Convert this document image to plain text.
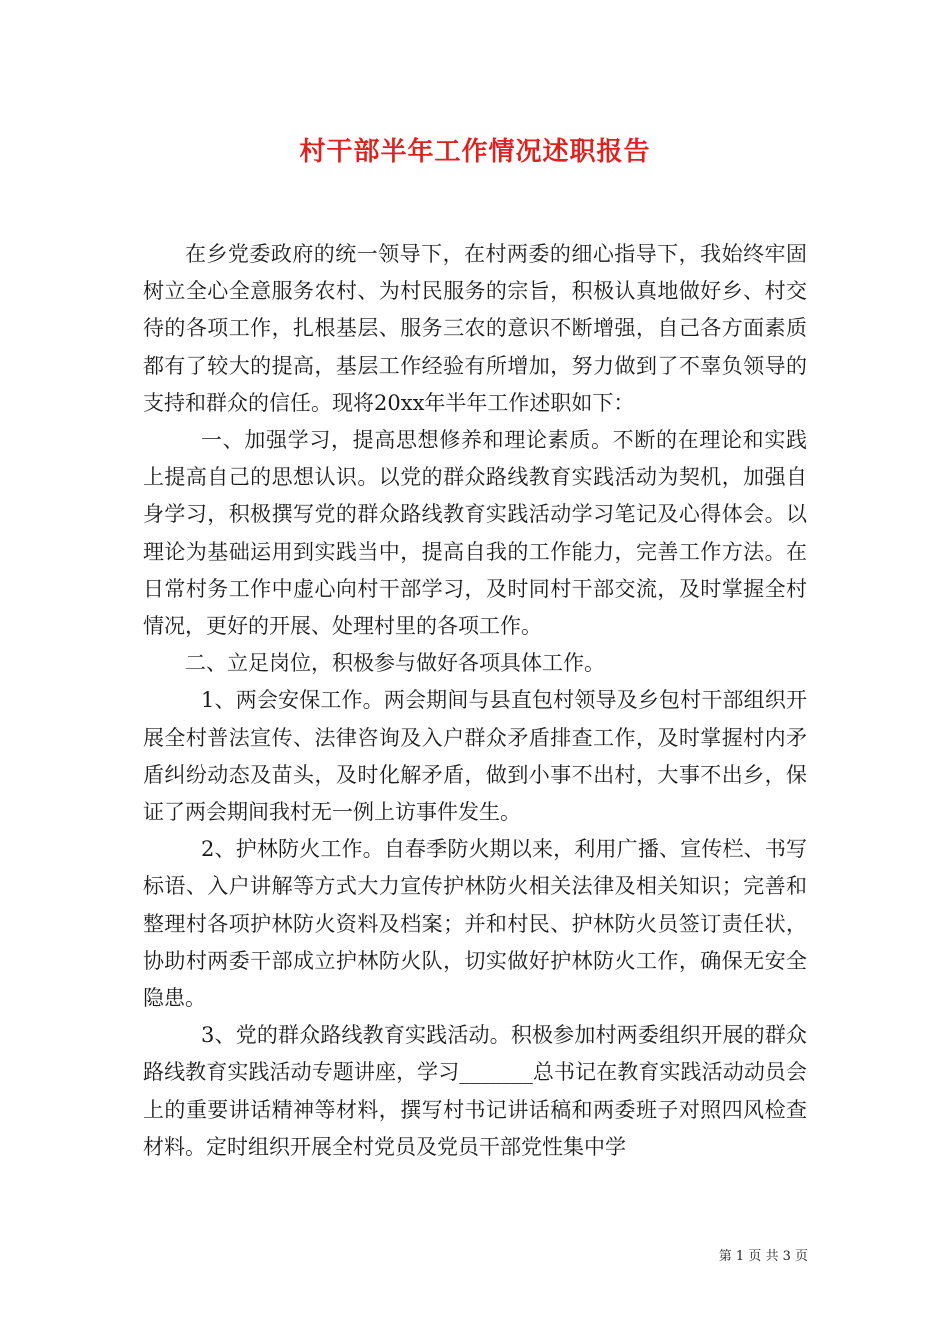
村干部半年工作情况述职报告

在乡党委政府的统一领导下，在村两委的细心指导下，我始终牢固树立全心全意服务农村、为村民服务的宗旨，积极认真地做好乡、村交待的各项工作，扎根基层、服务三农的意识不断增强，自己各方面素质都有了较大的提高，基层工作经验有所增加，努力做到了不辜负领导的支持和群众的信任。现将20xx年半年工作述职如下：

一、加强学习，提高思想修养和理论素质。不断的在理论和实践上提高自己的思想认识。以党的群众路线教育实践活动为契机，加强自身学习，积极撰写党的群众路线教育实践活动学习笔记及心得体会。以理论为基础运用到实践当中，提高自我的工作能力，完善工作方法。在日常村务工作中虚心向村干部学习，及时同村干部交流，及时掌握全村情况，更好的开展、处理村里的各项工作。

二、立足岗位，积极参与做好各项具体工作。

1、两会安保工作。两会期间与县直包村领导及乡包村干部组织开展全村普法宣传、法律咨询及入户群众矛盾排查工作，及时掌握村内矛盾纠纷动态及苗头，及时化解矛盾，做到小事不出村，大事不出乡，保证了两会期间我村无一例上访事件发生。

2、护林防火工作。自春季防火期以来，利用广播、宣传栏、书写标语、入户讲解等方式大力宣传护林防火相关法律及相关知识；完善和整理村各项护林防火资料及档案；并和村民、护林防火员签订责任状，协助村两委干部成立护林防火队，切实做好护林防火工作，确保无安全隐患。

3、党的群众路线教育实践活动。积极参加村两委组织开展的群众路线教育实践活动专题讲座，学习_______总书记在教育实践活动动员会上的重要讲话精神等材料，撰写村书记讲话稿和两委班子对照四风检查材料。定时组织开展全村党员及党员干部党性集中学

第 1 页 共 3 页
